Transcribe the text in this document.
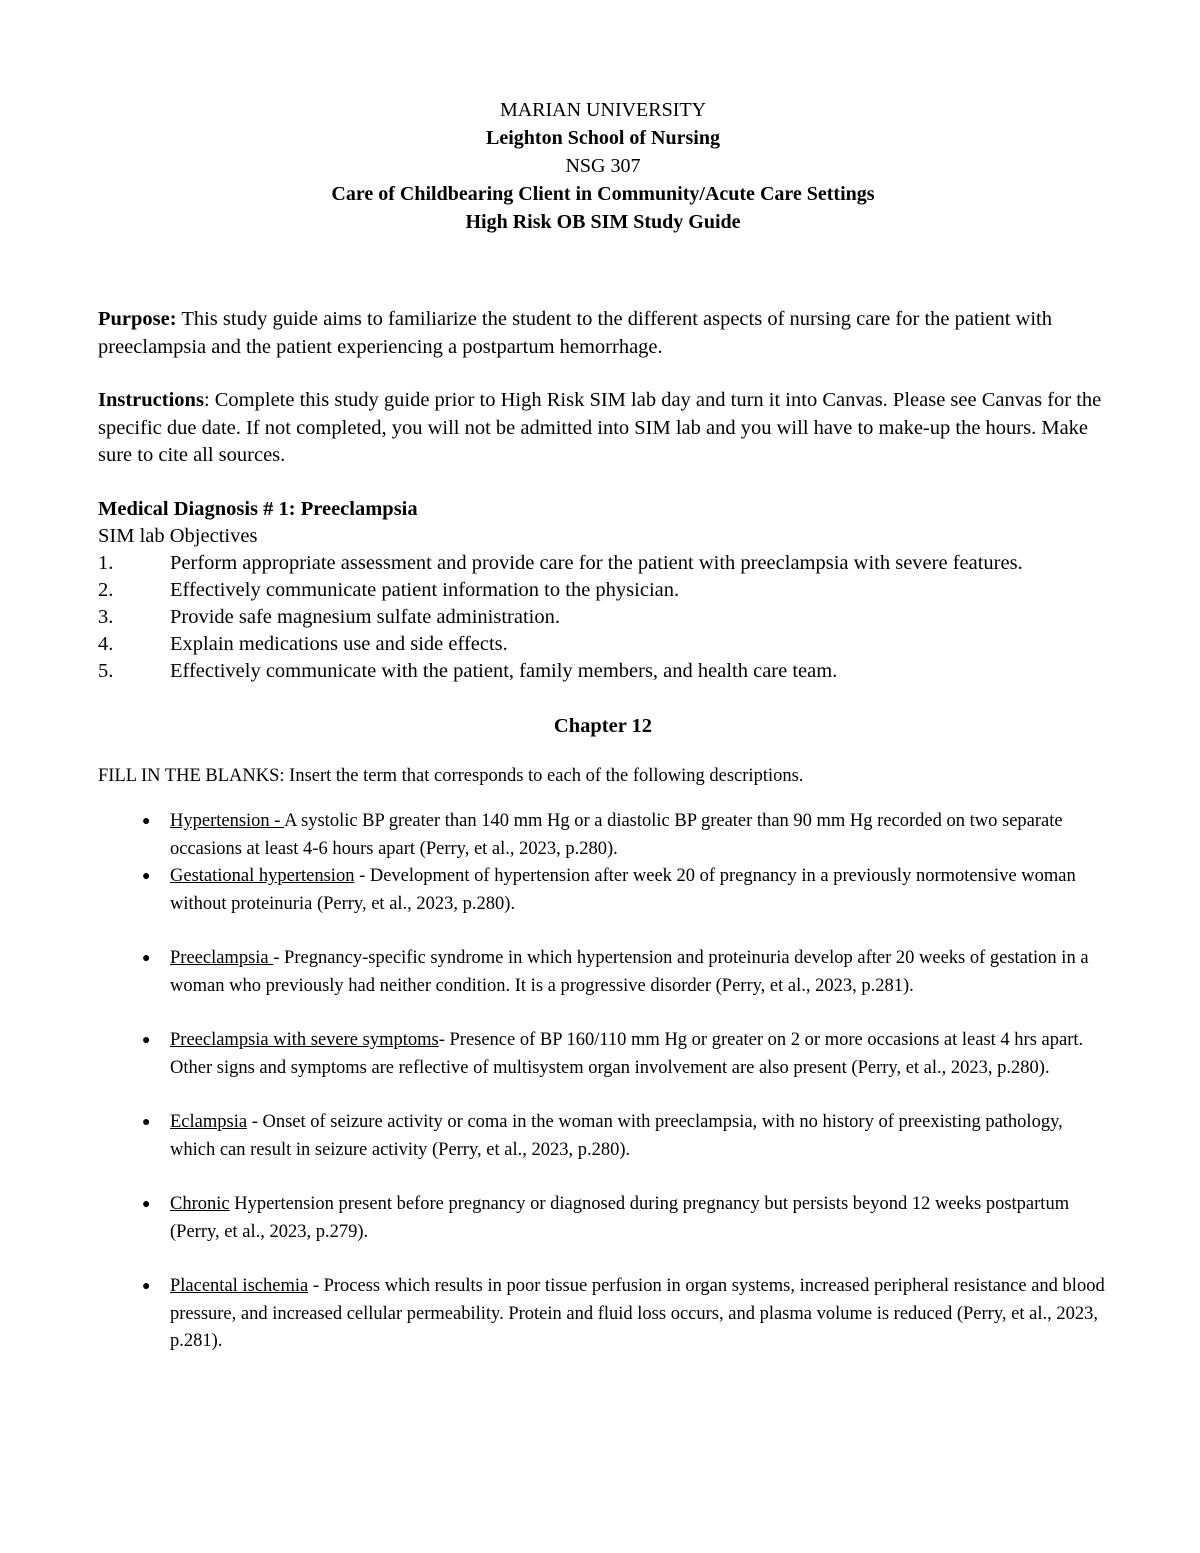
MARIAN UNIVERSITY
Leighton School of Nursing
NSG 307
Care of Childbearing Client in Community/Acute Care Settings
High Risk OB SIM Study Guide

Purpose: This study guide aims to familiarize the student to the different aspects of nursing care for the patient with preeclampsia and the patient experiencing a postpartum hemorrhage.

Instructions: Complete this study guide prior to High Risk SIM lab day and turn it into Canvas. Please see Canvas for the specific due date. If not completed, you will not be admitted into SIM lab and you will have to make-up the hours. Make sure to cite all sources.

Medical Diagnosis # 1: Preeclampsia

SIM lab Objectives

1.	Perform appropriate assessment and provide care for the patient with preeclampsia with severe features.
2.	Effectively communicate patient information to the physician.
3.	Provide safe magnesium sulfate administration.
4.	Explain medications use and side effects.
5.	Effectively communicate with the patient, family members, and health care team.

Chapter 12

FILL IN THE BLANKS: Insert the term that corresponds to each of the following descriptions.

● Hypertension - A systolic BP greater than 140 mm Hg or a diastolic BP greater than 90 mm Hg recorded on two separate occasions at least 4-6 hours apart (Perry, et al., 2023, p.280).
● Gestational hypertension - Development of hypertension after week 20 of pregnancy in a previously normotensive woman without proteinuria (Perry, et al., 2023, p.280).
● Preeclampsia - Pregnancy-specific syndrome in which hypertension and proteinuria develop after 20 weeks of gestation in a woman who previously had neither condition. It is a progressive disorder (Perry, et al., 2023, p.281).
● Preeclampsia with severe symptoms- Presence of BP 160/110 mm Hg or greater on 2 or more occasions at least 4 hrs apart. Other signs and symptoms are reflective of multisystem organ involvement are also present (Perry, et al., 2023, p.280).
● Eclampsia - Onset of seizure activity or coma in the woman with preeclampsia, with no history of preexisting pathology, which can result in seizure activity (Perry, et al., 2023, p.280).
● Chronic Hypertension present before pregnancy or diagnosed during pregnancy but persists beyond 12 weeks postpartum (Perry, et al., 2023, p.279).
● Placental ischemia - Process which results in poor tissue perfusion in organ systems, increased peripheral resistance and blood pressure, and increased cellular permeability. Protein and fluid loss occurs, and plasma volume is reduced (Perry, et al., 2023, p.281).
